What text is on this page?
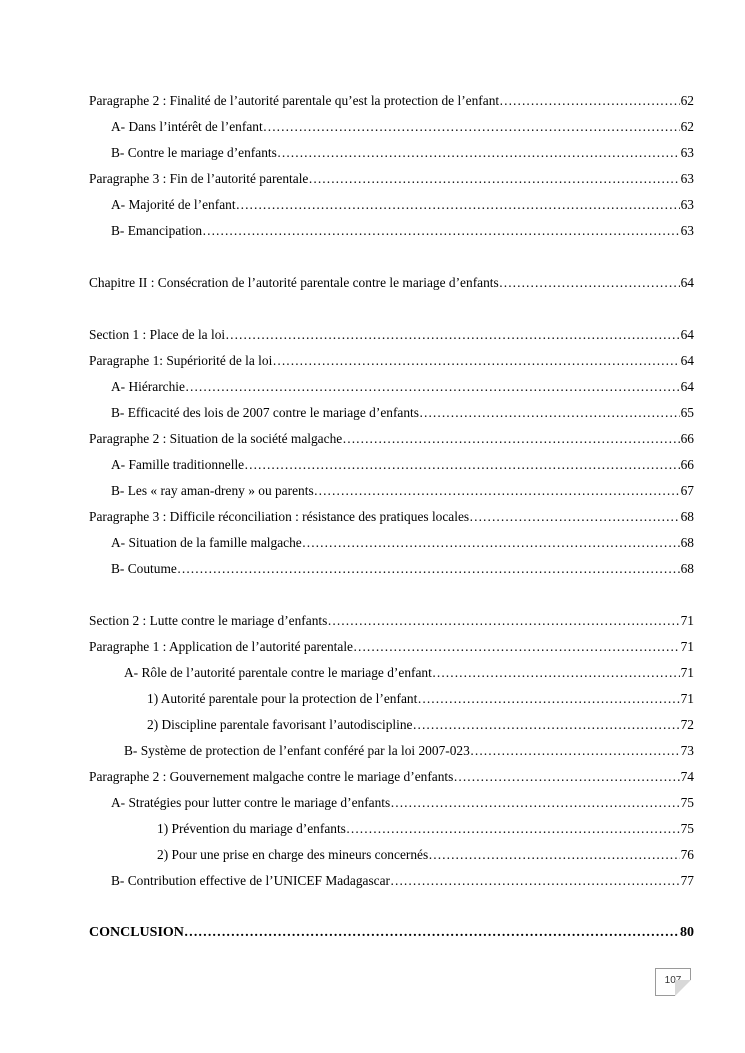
Paragraphe 2 : Finalité de l’autorité parentale qu’est la protection de l’enfant ……………………………………………………………………………………………………………………………………………………………………………………………………………	62
A- Dans l’intérêt de l’enfant ……………………………………………………………………………………………………………………………………………………………………………………………………………	62
B- Contre le mariage d’enfants ……………………………………………………………………………………………………………………………………………………………………………………………………………	63
Paragraphe 3 : Fin de l’autorité parentale ……………………………………………………………………………………………………………………………………………………………………………………………………………	63
A- Majorité de l’enfant ……………………………………………………………………………………………………………………………………………………………………………………………………………	63
B- Emancipation ……………………………………………………………………………………………………………………………………………………………………………………………………………	63
Chapitre II : Consécration de l’autorité parentale contre le mariage d’enfants ……………………………………………………………………………………………………………………………………………………………………………………………………………	64
Section 1 : Place de la loi ……………………………………………………………………………………………………………………………………………………………………………………………………………	64
Paragraphe 1: Supériorité de la loi ……………………………………………………………………………………………………………………………………………………………………………………………………………	64
A- Hiérarchie ……………………………………………………………………………………………………………………………………………………………………………………………………………	64
B- Efficacité des lois de 2007 contre le mariage d’enfants ……………………………………………………………………………………………………………………………………………………………………………………………………………	65
Paragraphe 2 : Situation de la société malgache ……………………………………………………………………………………………………………………………………………………………………………………………………………	66
A- Famille traditionnelle ……………………………………………………………………………………………………………………………………………………………………………………………………………	66
B- Les « ray aman-dreny » ou parents ……………………………………………………………………………………………………………………………………………………………………………………………………………	67
Paragraphe 3 : Difficile réconciliation : résistance des pratiques locales ……………………………………………………………………………………………………………………………………………………………………………………………………………	68
A- Situation de la famille malgache ……………………………………………………………………………………………………………………………………………………………………………………………………………	68
B- Coutume ……………………………………………………………………………………………………………………………………………………………………………………………………………	68
Section 2 : Lutte contre le mariage d’enfants ……………………………………………………………………………………………………………………………………………………………………………………………………………	71
Paragraphe 1 : Application de l’autorité parentale ……………………………………………………………………………………………………………………………………………………………………………………………………………	71
A- Rôle de l’autorité parentale contre le mariage d’enfant ……………………………………………………………………………………………………………………………………………………………………………………………………………	71
1) Autorité parentale pour la protection de l’enfant ……………………………………………………………………………………………………………………………………………………………………………………………………………	71
2) Discipline parentale favorisant l’autodiscipline ……………………………………………………………………………………………………………………………………………………………………………………………………………	72
B- Système de protection de l’enfant conféré par la loi 2007-023 ……………………………………………………………………………………………………………………………………………………………………………………………………………	73
Paragraphe 2 : Gouvernement malgache contre le mariage d’enfants ……………………………………………………………………………………………………………………………………………………………………………………………………………	74
A- Stratégies pour lutter contre le mariage d’enfants ……………………………………………………………………………………………………………………………………………………………………………………………………………	75
1) Prévention du mariage d’enfants ……………………………………………………………………………………………………………………………………………………………………………………………………………	75
2) Pour une prise en charge des mineurs concernés ……………………………………………………………………………………………………………………………………………………………………………………………………………	76
B- Contribution effective de l’UNICEF Madagascar ……………………………………………………………………………………………………………………………………………………………………………………………………………	77
CONCLUSION ……………………………………………………………………………………………………………………………………………………………………………………………………………	80
107
